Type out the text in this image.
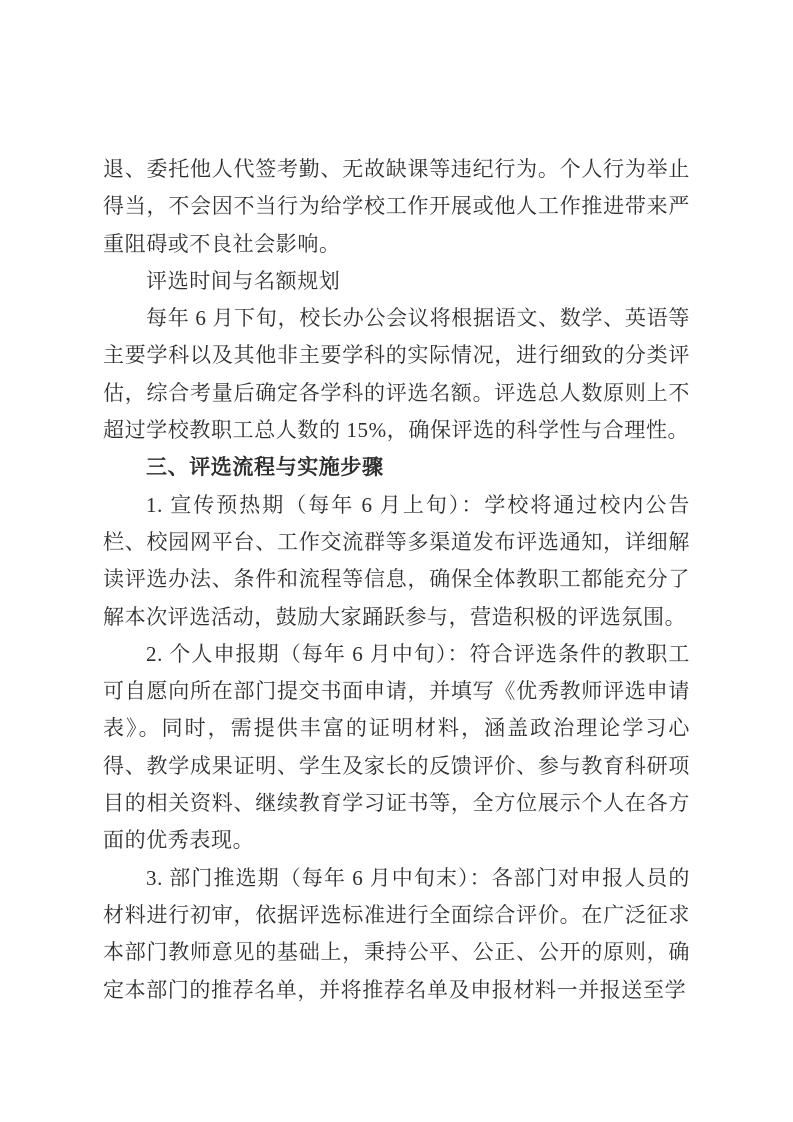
退、委托他人代签考勤、无故缺课等违纪行为。个人行为举止得当，不会因不当行为给学校工作开展或他人工作推进带来严重阻碍或不良社会影响。

评选时间与名额规划

每年 6 月下旬，校长办公会议将根据语文、数学、英语等主要学科以及其他非主要学科的实际情况，进行细致的分类评估，综合考量后确定各学科的评选名额。评选总人数原则上不超过学校教职工总人数的 15%，确保评选的科学性与合理性。

三、评选流程与实施步骤

1. 宣传预热期（每年 6 月上旬）：学校将通过校内公告栏、校园网平台、工作交流群等多渠道发布评选通知，详细解读评选办法、条件和流程等信息，确保全体教职工都能充分了解本次评选活动，鼓励大家踊跃参与，营造积极的评选氛围。

2. 个人申报期（每年 6 月中旬）：符合评选条件的教职工可自愿向所在部门提交书面申请，并填写《优秀教师评选申请表》。同时，需提供丰富的证明材料，涵盖政治理论学习心得、教学成果证明、学生及家长的反馈评价、参与教育科研项目的相关资料、继续教育学习证书等，全方位展示个人在各方面的优秀表现。

3. 部门推选期（每年 6 月中旬末）：各部门对申报人员的材料进行初审，依据评选标准进行全面综合评价。在广泛征求本部门教师意见的基础上，秉持公平、公正、公开的原则，确定本部门的推荐名单，并将推荐名单及申报材料一并报送至学
